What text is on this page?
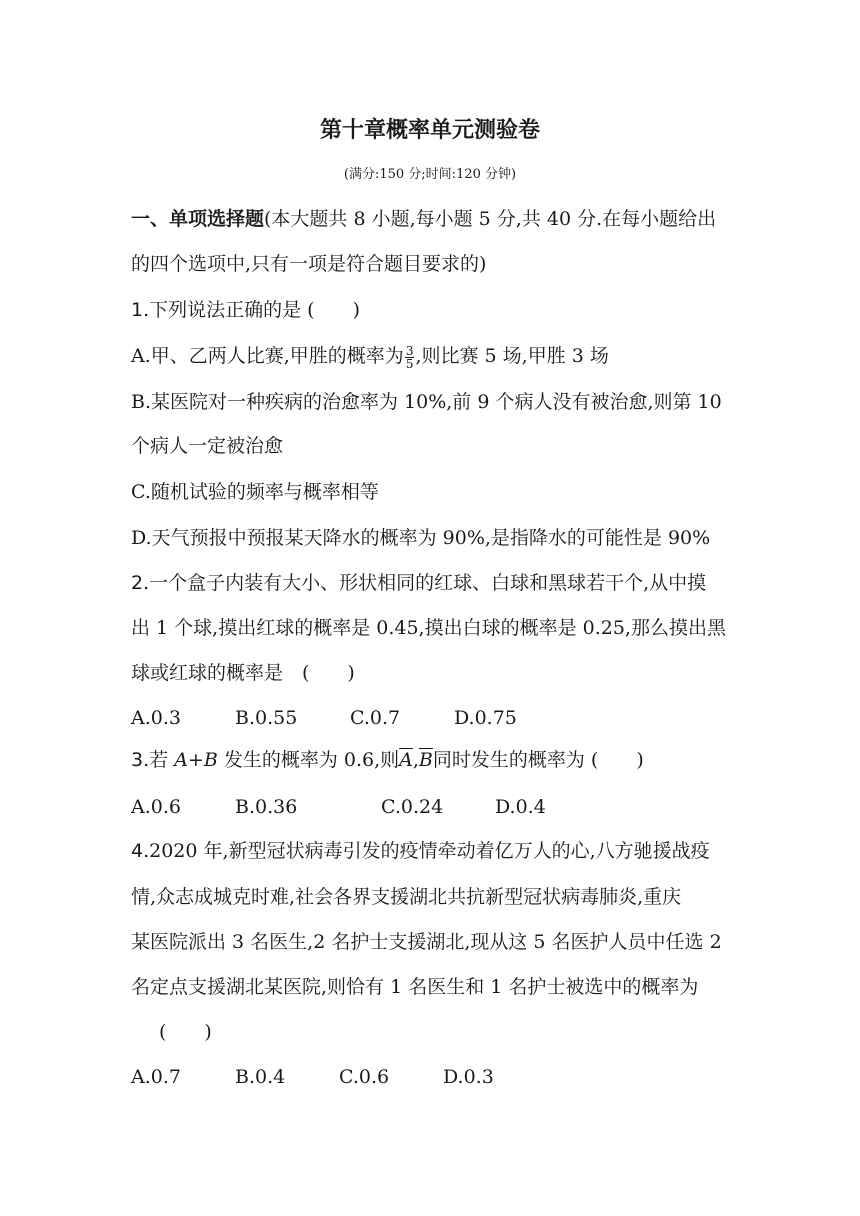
第十章概率单元测验卷
(满分:150 分;时间:120 分钟)
一、单项选择题(本大题共 8 小题,每小题 5 分,共 40 分.在每小题给出
的四个选项中,只有一项是符合题目要求的)
1.下列说法正确的是 (　　)
A.甲、乙两人比赛,甲胜的概率为 $\frac{3}{5}$ ,则比赛 5 场,甲胜 3 场
B.某医院对一种疾病的治愈率为 10%,前 9 个病人没有被治愈,则第 10
个病人一定被治愈
C.随机试验的频率与概率相等
D.天气预报中预报某天降水的概率为 90%,是指降水的可能性是 90%
2.一个盒子内装有大小、形状相同的红球、白球和黑球若干个,从中摸
出 1 个球,摸出红球的概率是 0.45,摸出白球的概率是 0.25,那么摸出黑
球或红球的概率是　(　　)
A.0.3	B.0.55	C.0.7	D.0.75
3.若 A+B 发生的概率为 0.6,则$\overline{A},\overline{B}$同时发生的概率为 (　　)
A.0.6	B.0.36	C.0.24	D.0.4
4.2020 年,新型冠状病毒引发的疫情牵动着亿万人的心,八方驰援战疫
情,众志成城克时难,社会各界支援湖北共抗新型冠状病毒肺炎,重庆
某医院派出 3 名医生,2 名护士支援湖北,现从这 5 名医护人员中任选 2
名定点支援湖北某医院,则恰有 1 名医生和 1 名护士被选中的概率为
(　　)
A.0.7	B.0.4	C.0.6	D.0.3
